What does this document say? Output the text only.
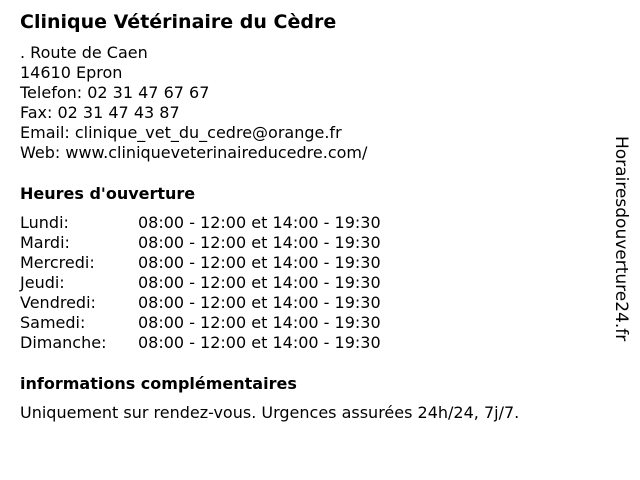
Clinique Vétérinaire du Cèdre
. Route de Caen
14610 Epron
Telefon: 02 31 47 67 67
Fax: 02 31 47 43 87
Email: clinique_vet_du_cedre@orange.fr
Web: www.cliniqueveterinaireducedre.com/
Heures d'ouverture
Lundi:	08:00 - 12:00 et 14:00 - 19:30
Mardi:	08:00 - 12:00 et 14:00 - 19:30
Mercredi:	08:00 - 12:00 et 14:00 - 19:30
Jeudi:	08:00 - 12:00 et 14:00 - 19:30
Vendredi:	08:00 - 12:00 et 14:00 - 19:30
Samedi:	08:00 - 12:00 et 14:00 - 19:30
Dimanche: 08:00 - 12:00 et 14:00 - 19:30
informations complémentaires
Uniquement sur rendez-vous. Urgences assurées 24h/24, 7j/7.
Horairesdouverture24.fr
